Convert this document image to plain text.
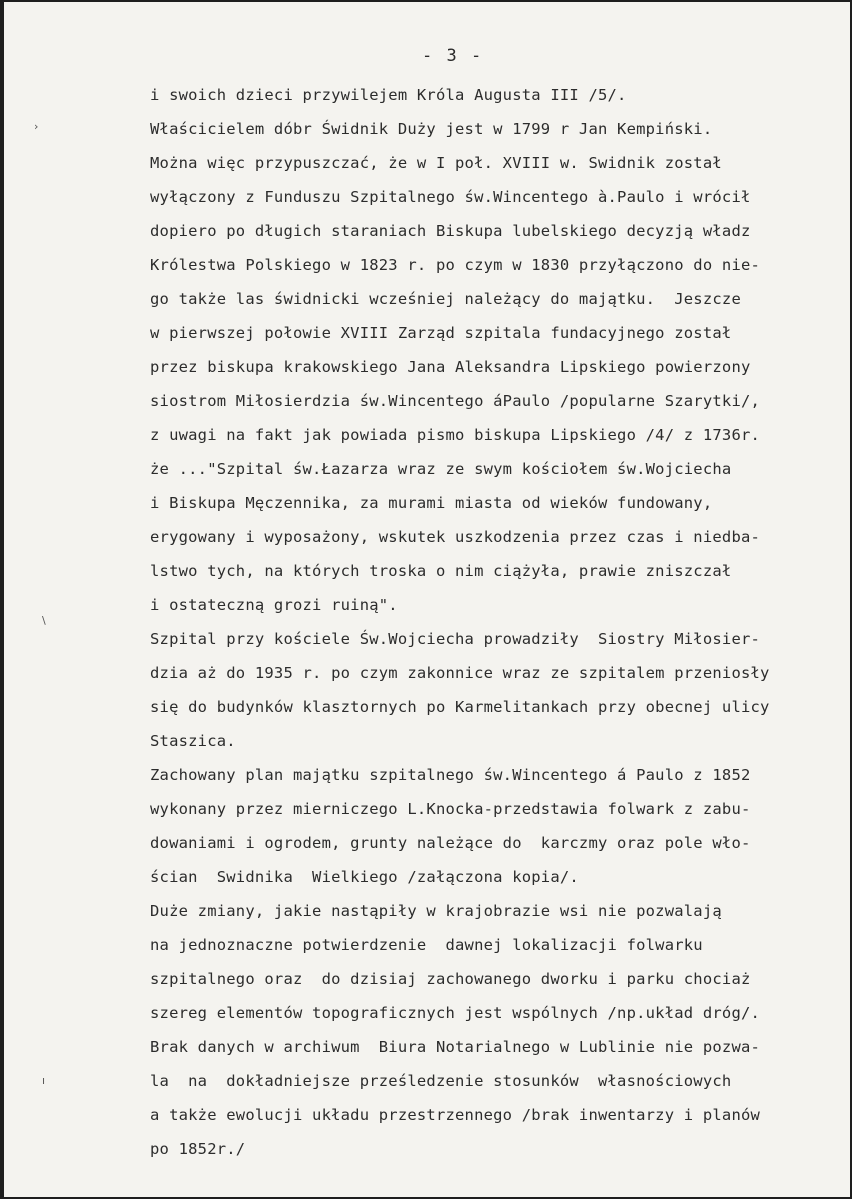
- 3 -
›
\
ı
i swoich dzieci przywilejem Króla Augusta III /5/.
Właścicielem dóbr Świdnik Duży jest w 1799 r Jan Kempiński.
Można więc przypuszczać, że w I poł. XVIII w. Swidnik został
wyłączony z Funduszu Szpitalnego św.Wincentego à.Paulo i wrócił
dopiero po długich staraniach Biskupa lubelskiego decyzją władz
Królestwa Polskiego w 1823 r. po czym w 1830 przyłączono do nie-
go także las świdnicki wcześniej należący do majątku.  Jeszcze
w pierwszej połowie XVIII Zarząd szpitala fundacyjnego został
przez biskupa krakowskiego Jana Aleksandra Lipskiego powierzony
siostrom Miłosierdzia św.Wincentego áPaulo /popularne Szarytki/,
z uwagi na fakt jak powiada pismo biskupa Lipskiego /4/ z 1736r.
że ..."Szpital św.Łazarza wraz ze swym kościołem św.Wojciecha
i Biskupa Męczennika, za murami miasta od wieków fundowany,
erygowany i wyposażony, wskutek uszkodzenia przez czas i niedba-
lstwo tych, na których troska o nim ciążyła, prawie zniszczał
i ostateczną grozi ruiną".
Szpital przy kościele Św.Wojciecha prowadziły  Siostry Miłosier-
dzia aż do 1935 r. po czym zakonnice wraz ze szpitalem przeniosły
się do budynków klasztornych po Karmelitankach przy obecnej ulicy
Staszica.
Zachowany plan majątku szpitalnego św.Wincentego á Paulo z 1852
wykonany przez mierniczego L.Knocka-przedstawia folwark z zabu-
dowaniami i ogrodem, grunty należące do  karczmy oraz pole wło-
ścian  Swidnika  Wielkiego /załączona kopia/.
Duże zmiany, jakie nastąpiły w krajobrazie wsi nie pozwalają
na jednoznaczne potwierdzenie  dawnej lokalizacji folwarku
szpitalnego oraz  do dzisiaj zachowanego dworku i parku chociaż
szereg elementów topograficznych jest wspólnych /np.układ dróg/.
Brak danych w archiwum  Biura Notarialnego w Lublinie nie pozwa-
la  na  dokładniejsze prześledzenie stosunków  własnościowych
a także ewolucji układu przestrzennego /brak inwentarzy i planów
po 1852r./
